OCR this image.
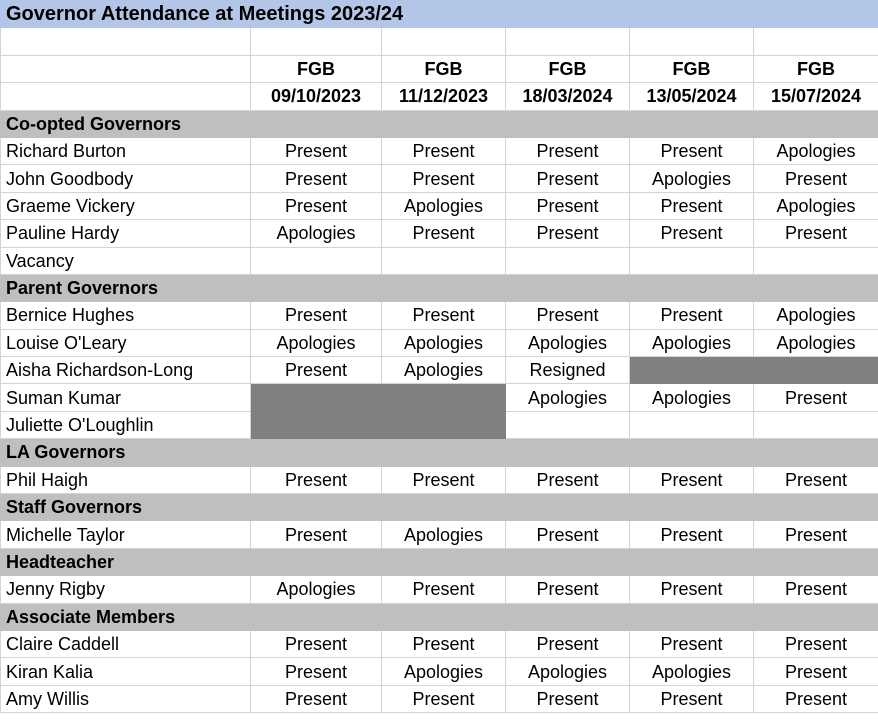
Governor Attendance at Meetings 2023/24					

	FGB	FGB	FGB	FGB	FGB
	09/10/2023	11/12/2023	18/03/2024	13/05/2024	15/07/2024
Co-opted Governors					
Richard Burton	Present	Present	Present	Present	Apologies
John Goodbody	Present	Present	Present	Apologies	Present
Graeme Vickery	Present	Apologies	Present	Present	Apologies
Pauline Hardy	Apologies	Present	Present	Present	Present
Vacancy					
Parent Governors					
Bernice Hughes	Present	Present	Present	Present	Apologies
Louise O'Leary	Apologies	Apologies	Apologies	Apologies	Apologies
Aisha Richardson-Long	Present	Apologies	Resigned		
Suman Kumar			Apologies	Apologies	Present
Juliette O'Loughlin					
LA Governors					
Phil Haigh	Present	Present	Present	Present	Present
Staff Governors					
Michelle Taylor	Present	Apologies	Present	Present	Present
Headteacher					
Jenny Rigby	Apologies	Present	Present	Present	Present
Associate Members					
Claire Caddell	Present	Present	Present	Present	Present
Kiran Kalia	Present	Apologies	Apologies	Apologies	Present
Amy Willis	Present	Present	Present	Present	Present
